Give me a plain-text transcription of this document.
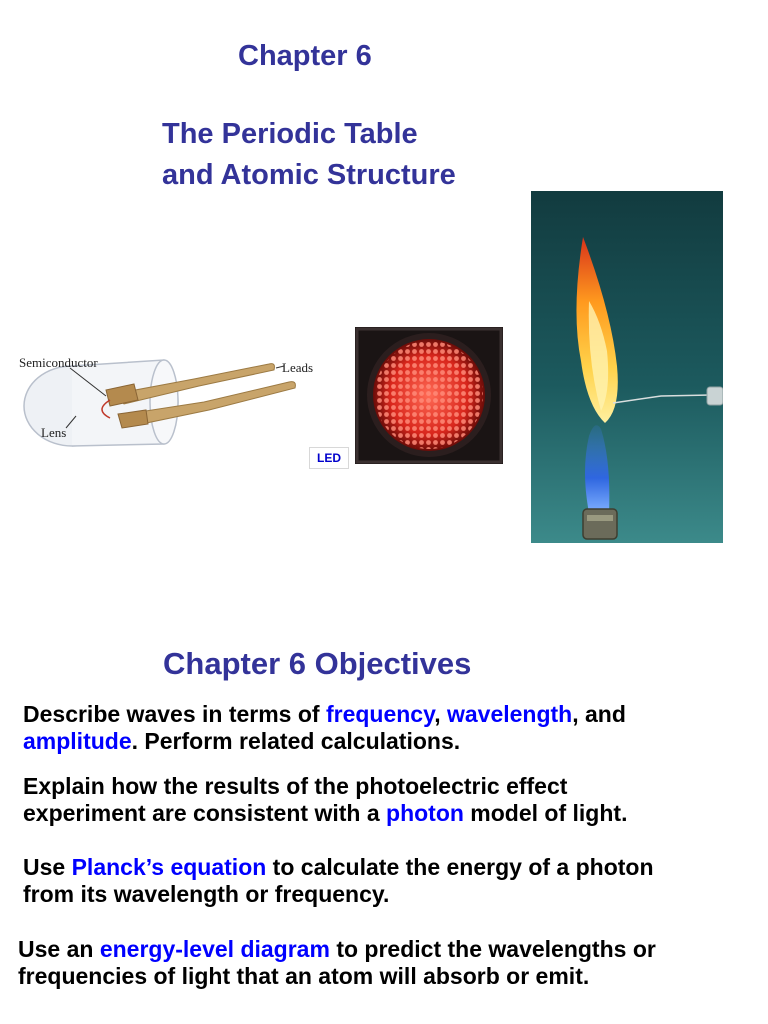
Chapter 6
The Periodic Table
and Atomic Structure
Semiconductor	Leads
Lens
LED
Chapter 6 Objectives
Describe waves in terms of frequency, wavelength, and
amplitude. Perform related calculations.
Explain how the results of the photoelectric effect
experiment are consistent with a photon model of light.
Use Planck’s equation to calculate the energy of a photon
from its wavelength or frequency.
Use an energy-level diagram to predict the wavelengths or
frequencies of light that an atom will absorb or emit.
